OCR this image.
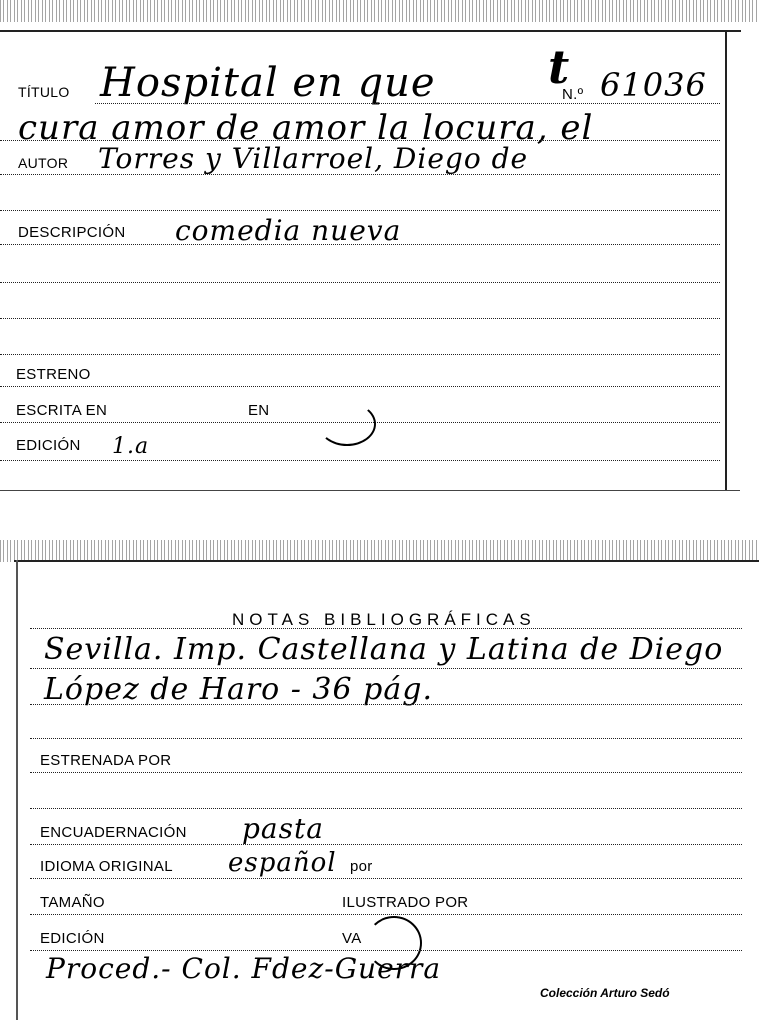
TÍTULO Hospital en que t
N.º 61036
cura amor de amor la locura, el
AUTOR Torres y Villarroel, Diego de
DESCRIPCIÓN comedia nueva
ESTRENO
ESCRITA EN	EN
EDICIÓN 1.a
NOTAS BIBLIOGRÁFICAS
Sevilla. Imp. Castellana y Latina de Diego
López de Haro - 36 pág.
ESTRENADA POR
ENCUADERNACIÓN pasta
IDIOMA ORIGINAL español por
TAMAÑO	ILUSTRADO POR
EDICIÓN	VA
Proced.- Col. Fdez-Guerra
Colección Arturo Sedó
